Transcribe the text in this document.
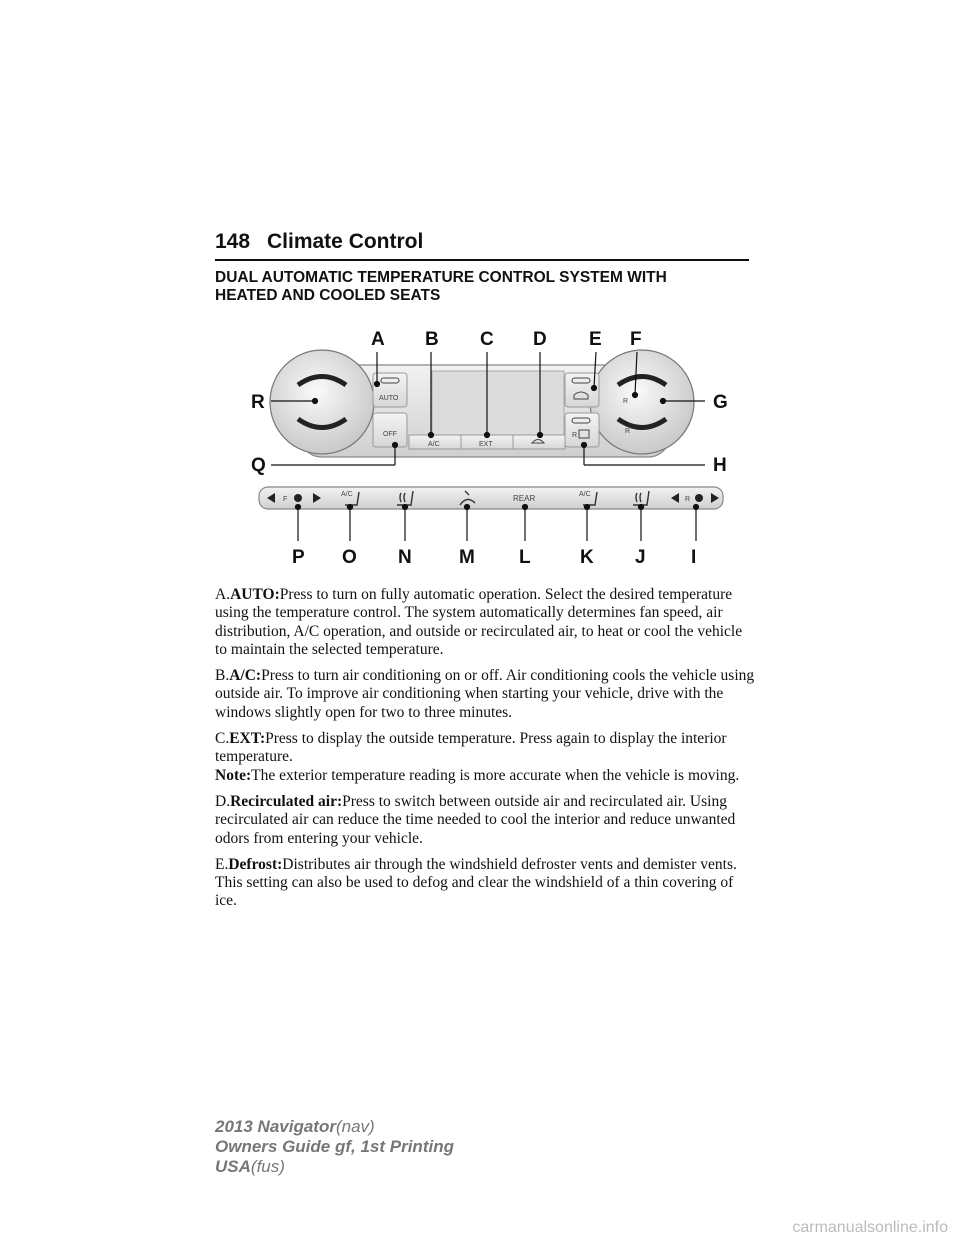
148 Climate Control
DUAL AUTOMATIC TEMPERATURE CONTROL SYSTEM WITH
HEATED AND COOLED SEATS
R
R
AUTO
OFF
A/C	EXT
R
F
A/C	REAR	A/C
R
A B C D E F
G
H
I
J
K
L
M
N
O
P
Q
R

A.AUTO:Press to turn on fully automatic operation. Select the desired temperature using the temperature control. The system automatically determines fan speed, air distribution, A/C operation, and outside or recirculated air, to heat or cool the vehicle to maintain the selected temperature.

B.A/C:Press to turn air conditioning on or off. Air conditioning cools the vehicle using outside air. To improve air conditioning when starting your vehicle, drive with the windows slightly open for two to three minutes.

C.EXT:Press to display the outside temperature. Press again to display the interior temperature.

Note:The exterior temperature reading is more accurate when the vehicle is moving.

D.Recirculated air:Press to switch between outside air and recirculated air. Using recirculated air can reduce the time needed to cool the interior and reduce unwanted odors from entering your vehicle.

E.Defrost:Distributes air through the windshield defroster vents and demister vents. This setting can also be used to defog and clear the windshield of a thin covering of ice.

2013 Navigator(nav)
Owners Guide gf, 1st Printing
USA(fus)
carmanualsonline.info
